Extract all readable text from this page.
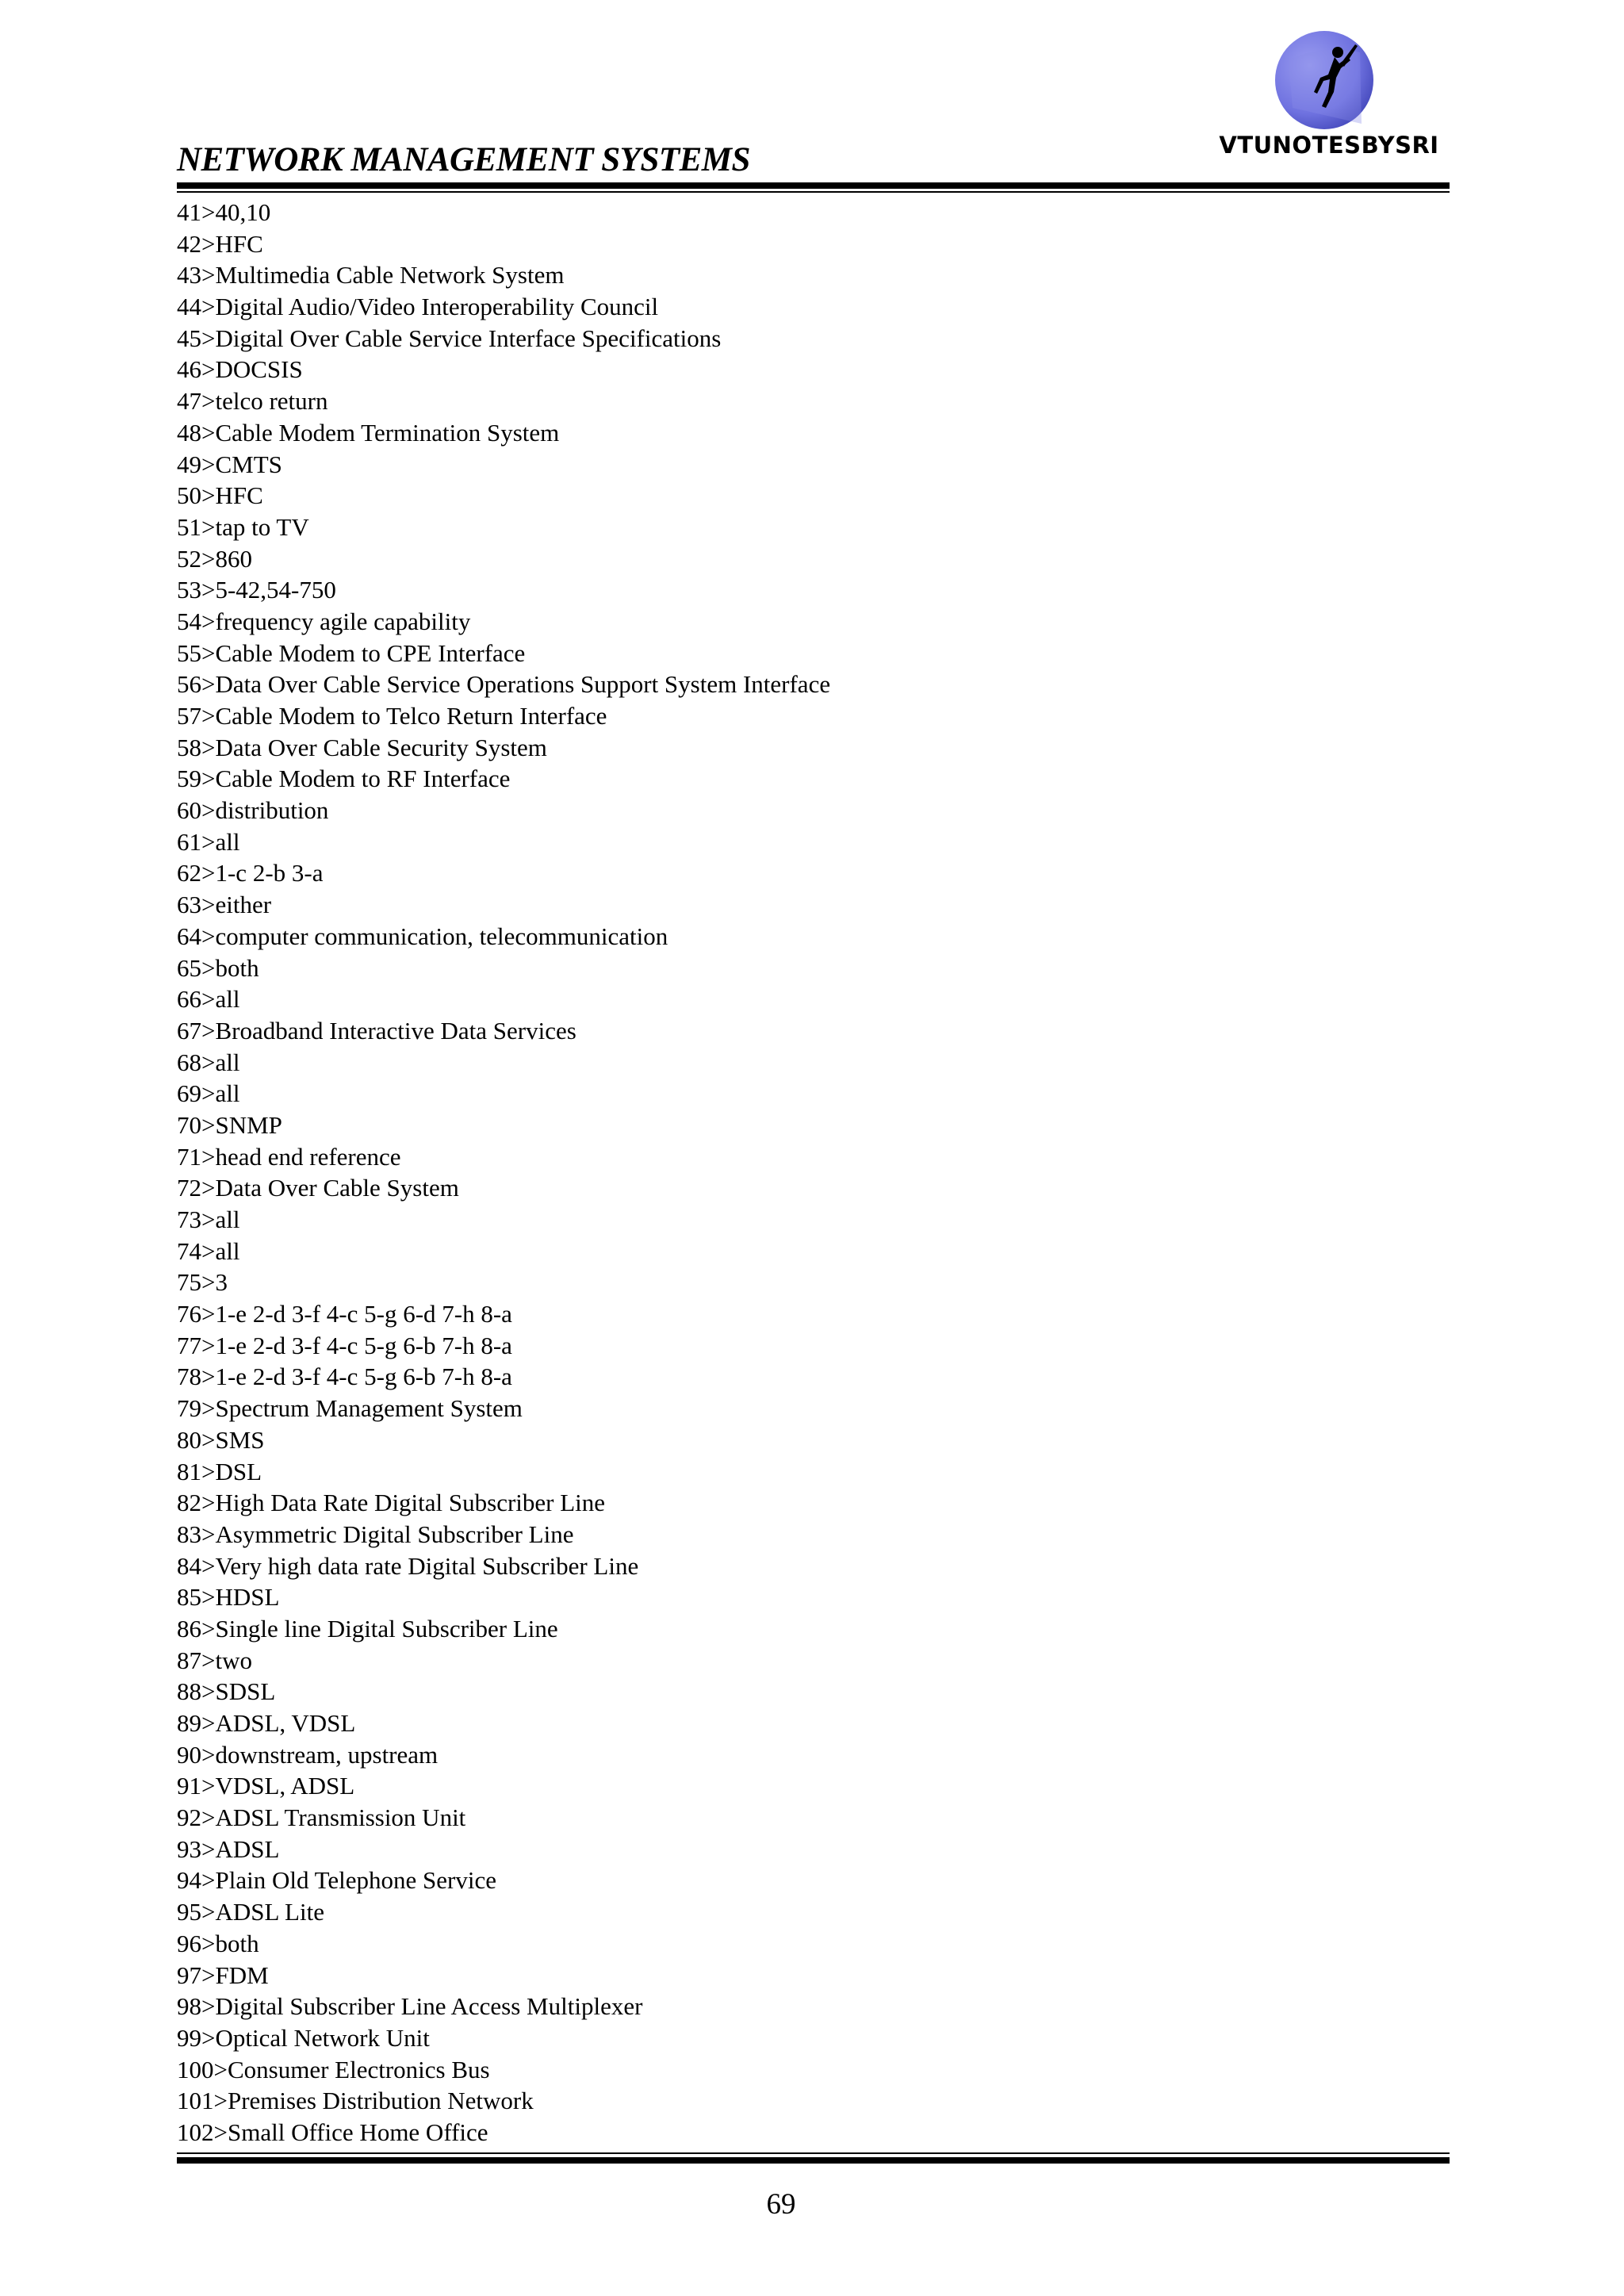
NETWORK MANAGEMENT SYSTEMS	VTUNOTESBYSRI
41>40,10
42>HFC
43>Multimedia Cable Network System
44>Digital Audio/Video Interoperability Council
45>Digital Over Cable Service Interface Specifications
46>DOCSIS
47>telco return
48>Cable Modem Termination System
49>CMTS
50>HFC
51>tap to TV
52>860
53>5-42,54-750
54>frequency agile capability
55>Cable Modem to CPE Interface
56>Data Over Cable Service Operations Support System Interface
57>Cable Modem to Telco Return Interface
58>Data Over Cable Security System
59>Cable Modem to RF Interface
60>distribution
61>all
62>1-c 2-b 3-a
63>either
64>computer communication, telecommunication
65>both
66>all
67>Broadband Interactive Data Services
68>all
69>all
70>SNMP
71>head end reference
72>Data Over Cable System
73>all
74>all
75>3
76>1-e 2-d 3-f 4-c 5-g 6-d 7-h 8-a
77>1-e 2-d 3-f 4-c 5-g 6-b 7-h 8-a
78>1-e 2-d 3-f 4-c 5-g 6-b 7-h 8-a
79>Spectrum Management System
80>SMS
81>DSL
82>High Data Rate Digital Subscriber Line
83>Asymmetric Digital Subscriber Line
84>Very high data rate Digital Subscriber Line
85>HDSL
86>Single line Digital Subscriber Line
87>two
88>SDSL
89>ADSL, VDSL
90>downstream, upstream
91>VDSL, ADSL
92>ADSL Transmission Unit
93>ADSL
94>Plain Old Telephone Service
95>ADSL Lite
96>both
97>FDM
98>Digital Subscriber Line Access Multiplexer
99>Optical Network Unit
100>Consumer Electronics Bus
101>Premises Distribution Network
102>Small Office Home Office
69
